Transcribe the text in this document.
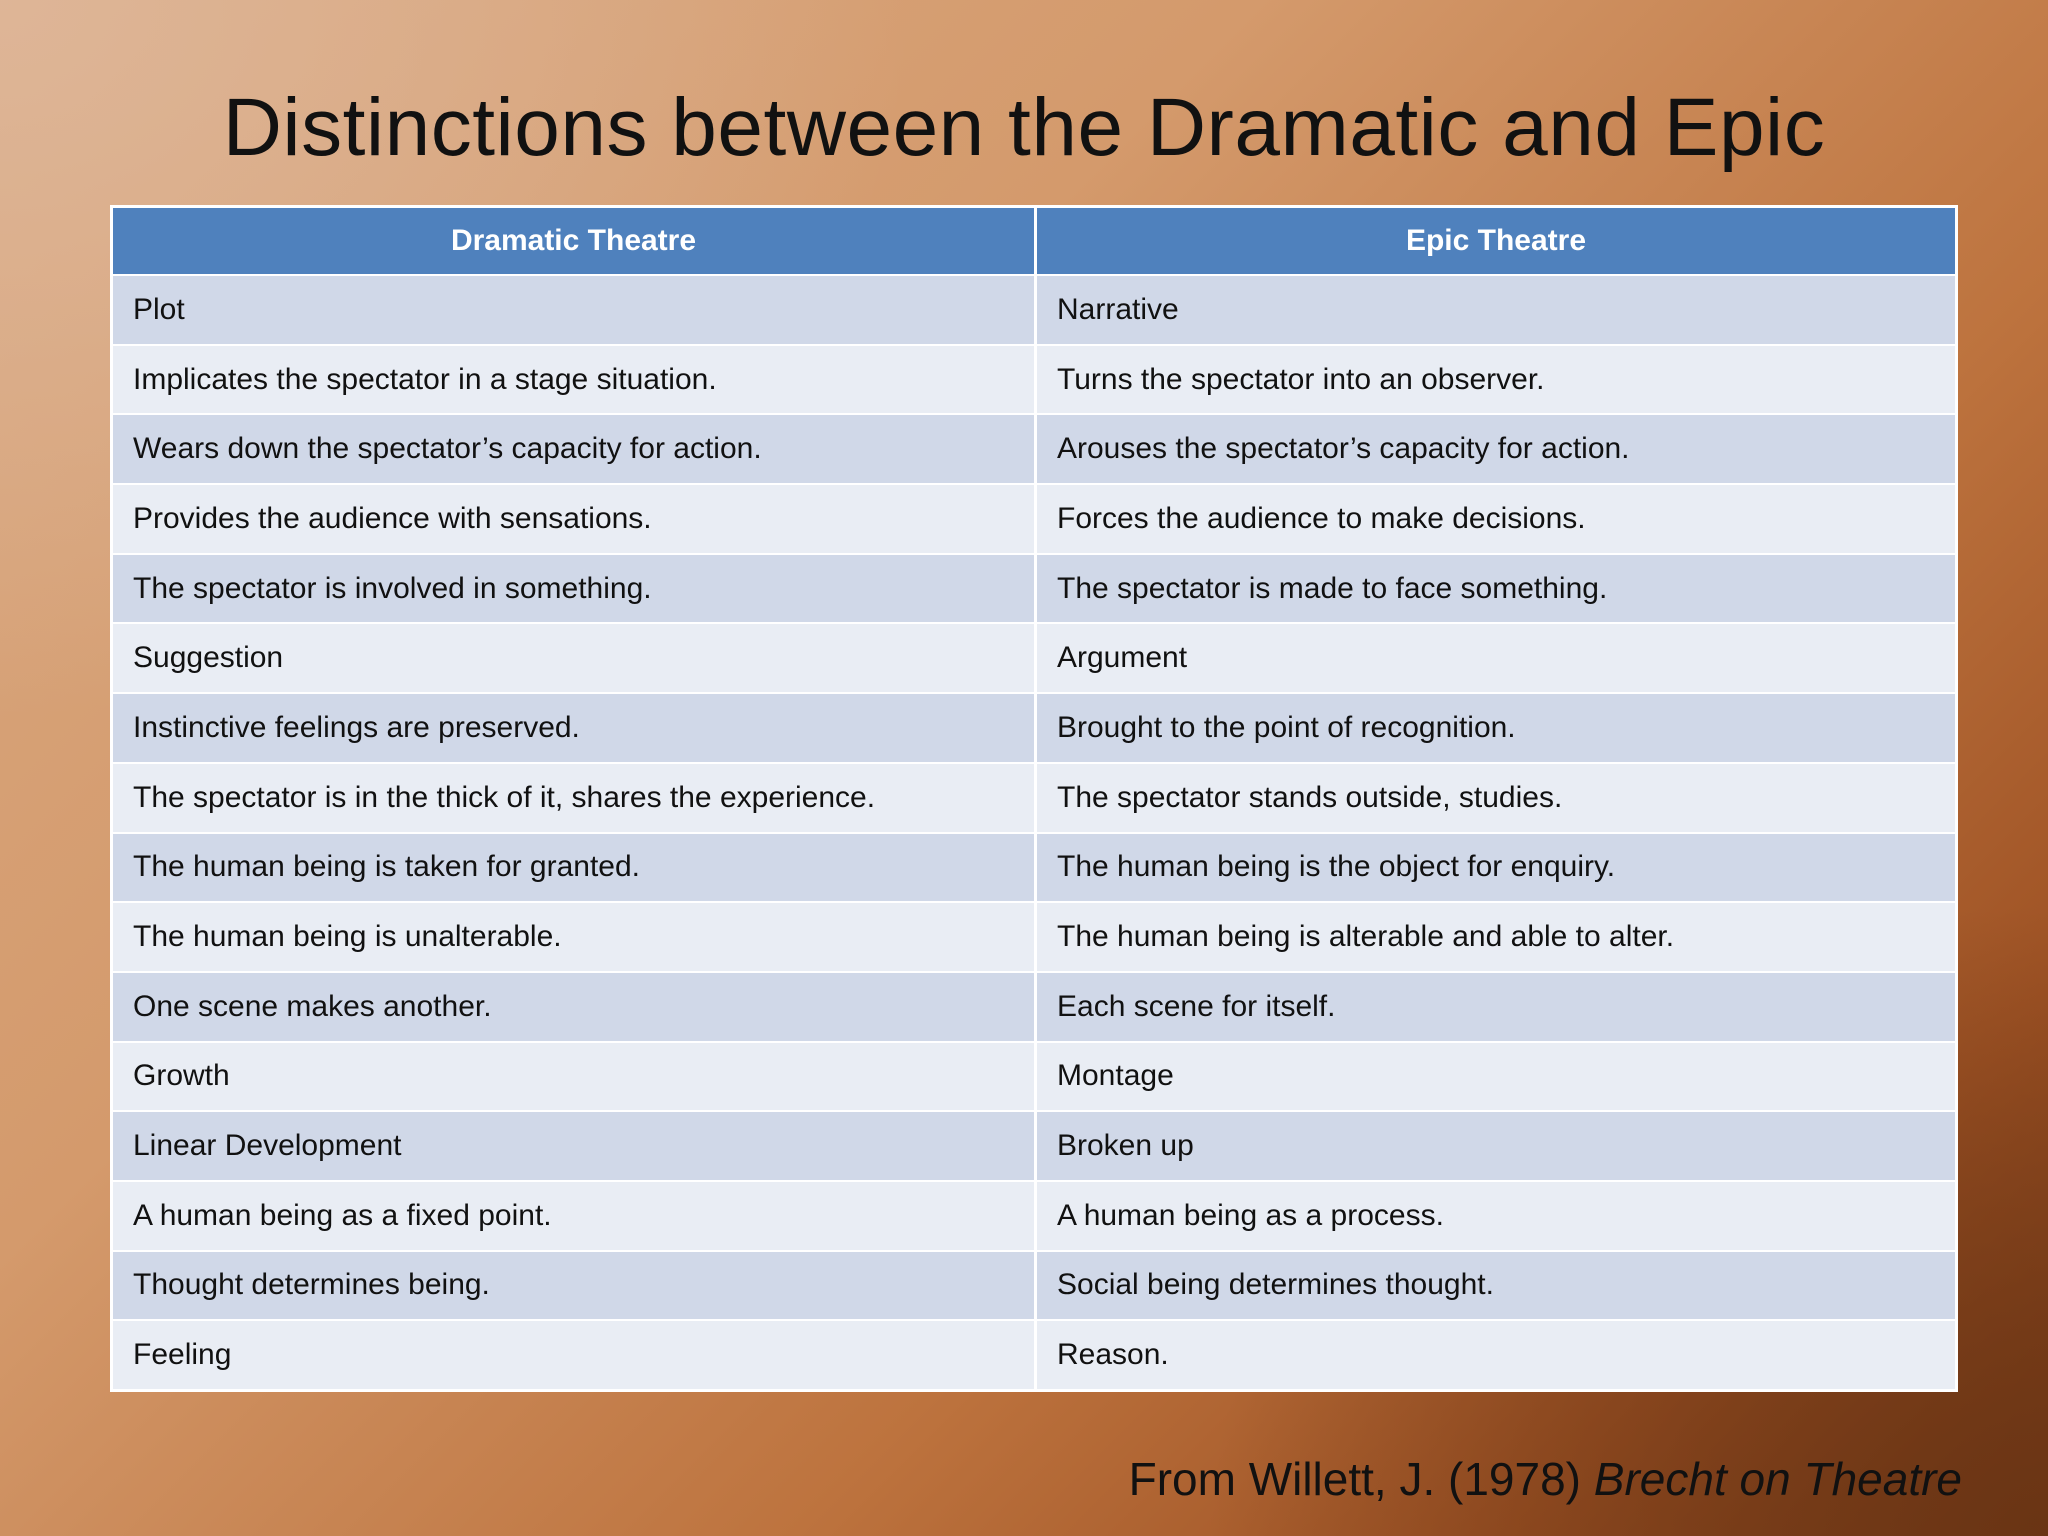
Distinctions between the Dramatic and Epic
Dramatic Theatre	Epic Theatre
Plot	Narrative
Implicates the spectator in a stage situation.	Turns the spectator into an observer.
Wears down the spectator’s capacity for action.	Arouses the spectator’s capacity for action.
Provides the audience with sensations.	Forces the audience to make decisions.
The spectator is involved in something.	The spectator is made to face something.
Suggestion	Argument
Instinctive feelings are preserved.	Brought to the point of recognition.
The spectator is in the thick of it, shares the experience.	The spectator stands outside, studies.
The human being is taken for granted.	The human being is the object for enquiry.
The human being is unalterable.	The human being is alterable and able to alter.
One scene makes another.	Each scene for itself.
Growth	Montage
Linear Development	Broken up
A human being as a fixed point.	A human being as a process.
Thought determines being.	Social being determines thought.
Feeling	Reason.
From Willett, J. (1978) Brecht on Theatre
